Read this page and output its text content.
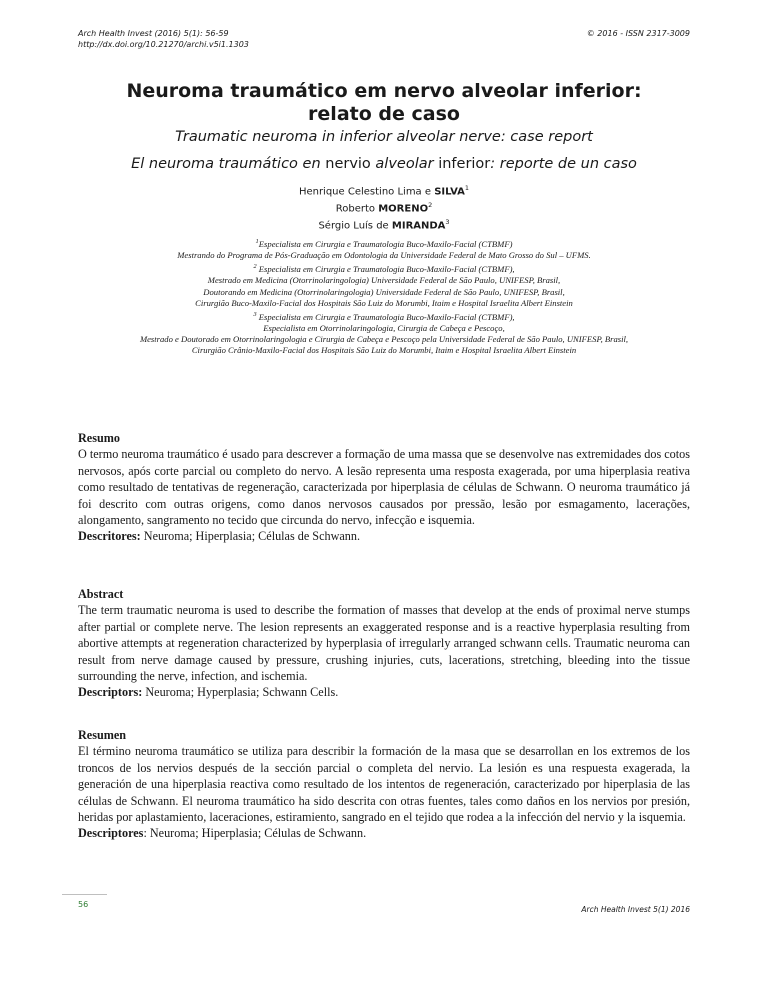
Arch Health Invest (2016) 5(1): 56-59
http://dx.doi.org/10.21270/archi.v5i1.1303
© 2016 - ISSN 2317-3009
Neuroma traumático em nervo alveolar inferior:
relato de caso
Traumatic neuroma in inferior alveolar nerve: case report
El neuroma traumático en nervio alveolar inferior: reporte de un caso
Henrique Celestino Lima e SILVA$^1$
Roberto MORENO$^2$
Sérgio Luís de MIRANDA$^3$
$^1$Especialista em Cirurgia e Traumatologia Buco-Maxilo-Facial (CTBMF)
Mestrando do Programa de Pós-Graduação em Odontologia da Universidade Federal de Mato Grosso do Sul – UFMS.
$^2$ Especialista em Cirurgia e Traumatologia Buco-Maxilo-Facial (CTBMF),
Mestrado em Medicina (Otorrinolaringologia) Universidade Federal de São Paulo, UNIFESP, Brasil,
Doutorando em Medicina (Otorrinolaringologia) Universidade Federal de São Paulo, UNIFESP, Brasil,
Cirurgião Buco-Maxilo-Facial dos Hospitais São Luiz do Morumbi, Itaim e Hospital Israelita Albert Einstein
$^3$ Especialista em Cirurgia e Traumatologia Buco-Maxilo-Facial (CTBMF),
Especialista em Otorrinolaringologia, Cirurgia de Cabeça e Pescoço,
Mestrado e Doutorado em Otorrinolaringologia e Cirurgia de Cabeça e Pescoço pela Universidade Federal de São Paulo, UNIFESP, Brasil,
Cirurgião Crânio-Maxilo-Facial dos Hospitais São Luiz do Morumbi, Itaim e Hospital Israelita Albert Einstein

Resumo

O termo neuroma traumático é usado para descrever a formação de uma massa que se desenvolve nas extremidades dos cotos nervosos, após corte parcial ou completo do nervo. A lesão representa uma resposta exagerada, por uma hiperplasia reativa como resultado de tentativas de regeneração, caracterizada por hiperplasia de células de Schwann. O neuroma traumático já foi descrito com outras origens, como danos nervosos causados por pressão, lesão por esmagamento, lacerações, alongamento, sangramento no tecido que circunda do nervo, infecção e isquemia.

Descritores: Neuroma; Hiperplasia; Células de Schwann.

Abstract

The term traumatic neuroma is used to describe the formation of masses that develop at the ends of proximal nerve stumps after partial or complete nerve. The lesion represents an exaggerated response and is a reactive hyperplasia resulting from abortive attempts at regeneration characterized by hyperplasia of irregularly arranged schwann cells. Traumatic neuroma can result from nerve damage caused by pressure, crushing injuries, cuts, lacerations, stretching, bleeding into the tissue surrounding the nerve, infection, and ischemia.

Descriptors: Neuroma; Hyperplasia; Schwann Cells.

Resumen

El término neuroma traumático se utiliza para describir la formación de la masa que se desarrollan en los extremos de los troncos de los nervios después de la sección parcial o completa del nervio. La lesión es una respuesta exagerada, la generación de una hiperplasia reactiva como resultado de los intentos de regeneración, caracterizado por hiperplasia de las células de Schwann. El neuroma traumático ha sido descrita con otras fuentes, tales como daños en los nervios por presión, heridas por aplastamiento, laceraciones, estiramiento, sangrado en el tejido que rodea a la infección del nervio y la isquemia.

Descriptores: Neuroma; Hiperplasia; Células de Schwann.

56
Arch Health Invest 5(1) 2016
